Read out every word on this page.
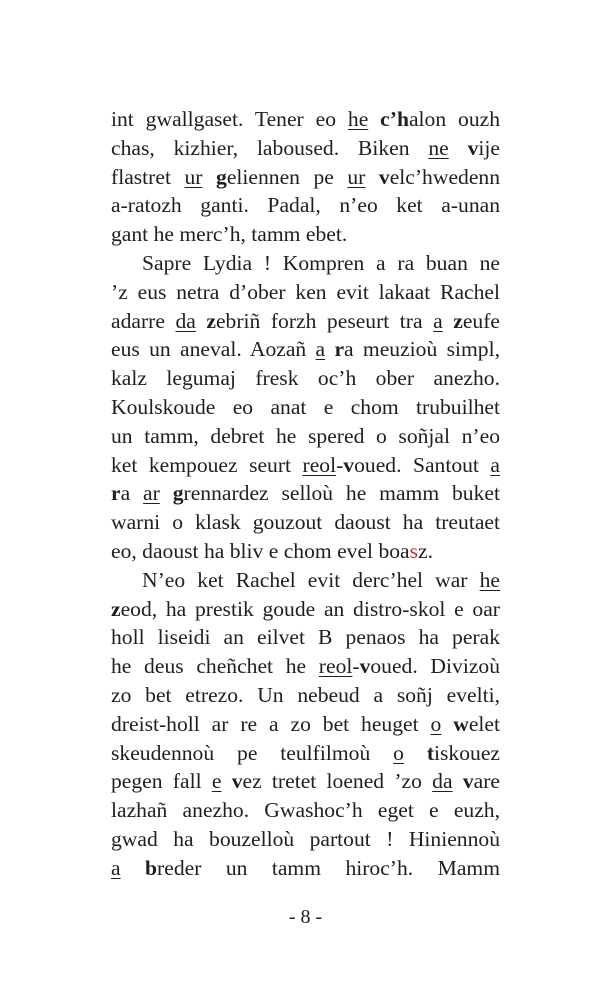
int gwallgaset. Tener eo he c’halon ouzh
chas, kizhier, laboused. Biken ne vije
flastret ur geliennen pe ur velc’hwedenn
a-ratozh ganti. Padal, n’eo ket a-unan
gant he merc’h, tamm ebet.
Sapre Lydia ! Kompren a ra buan ne
’z eus netra d’ober ken evit lakaat Rachel
adarre da zebriñ forzh peseurt tra a zeufe
eus un aneval. Aozañ a ra meuzioù simpl,
kalz legumaj fresk oc’h ober anezho.
Koulskoude eo anat e chom trubuilhet
un tamm, debret he spered o soñjal n’eo
ket kempouez seurt reol-voued. Santout a
ra ar grennardez selloù he mamm buket
warni o klask gouzout daoust ha treutaet
eo, daoust ha bliv e chom evel boasz.
N’eo ket Rachel evit derc’hel war he
zeod, ha prestik goude an distro-skol e oar
holl liseidi an eilvet B penaos ha perak
he deus cheñchet he reol-voued. Divizoù
zo bet etrezo. Un nebeud a soñj evelti,
dreist-holl ar re a zo bet heuget o welet
skeudennoù pe teulfilmoù o tiskouez
pegen fall e vez tretet loened ’zo da vare
lazhañ anezho. Gwashoc’h eget e euzh,
gwad ha bouzelloù partout ! Hiniennoù
a breder un tamm hiroc’h. Mamm
- 8 -
